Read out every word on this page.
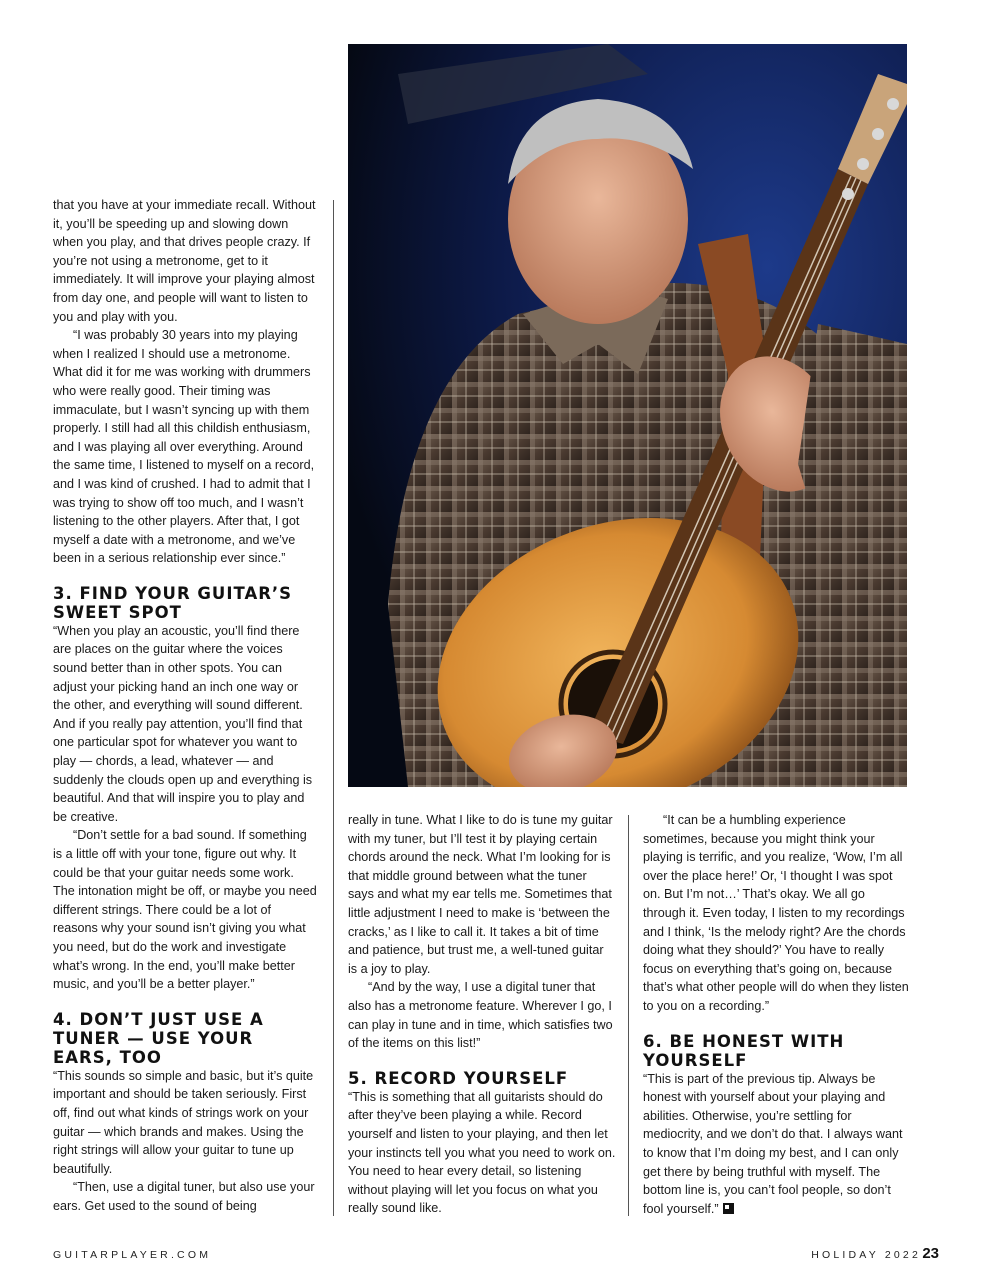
that you have at your immediate recall. Without it, you’ll be speeding up and slowing down when you play, and that drives people crazy. If you’re not using a metronome, get to it immediately. It will improve your playing almost from day one, and people will want to listen to you and play with you.

“I was probably 30 years into my playing when I realized I should use a metronome. What did it for me was working with drummers who were really good. Their timing was immaculate, but I wasn’t syncing up with them properly. I still had all this childish enthusiasm, and I was playing all over everything. Around the same time, I listened to myself on a record, and I was kind of crushed. I had to admit that I was trying to show off too much, and I wasn’t listening to the other players. After that, I got myself a date with a metronome, and we’ve been in a serious relationship ever since.”

3. FIND YOUR GUITAR’S SWEET SPOT

“When you play an acoustic, you’ll find there are places on the guitar where the voices sound better than in other spots. You can adjust your picking hand an inch one way or the other, and everything will sound different. And if you really pay attention, you’ll find that one particular spot for whatever you want to play — chords, a lead, whatever — and suddenly the clouds open up and everything is beautiful. And that will inspire you to play and be creative.

“Don’t settle for a bad sound. If something is a little off with your tone, figure out why. It could be that your guitar needs some work. The intonation might be off, or maybe you need different strings. There could be a lot of reasons why your sound isn’t giving you what you need, but do the work and investigate what’s wrong. In the end, you’ll make better music, and you’ll be a better player.”

4. DON’T JUST USE A TUNER — USE YOUR EARS, TOO

“This sounds so simple and basic, but it’s quite important and should be taken seriously. First off, find out what kinds of strings work on your guitar — which brands and makes. Using the right strings will allow your guitar to tune up beautifully.

“Then, use a digital tuner, but also use your ears. Get used to the sound of being

really in tune. What I like to do is tune my guitar with my tuner, but I’ll test it by playing certain chords around the neck. What I’m looking for is that middle ground between what the tuner says and what my ear tells me. Sometimes that little adjustment I need to make is ‘between the cracks,’ as I like to call it. It takes a bit of time and patience, but trust me, a well-tuned guitar is a joy to play.

“And by the way, I use a digital tuner that also has a metronome feature. Wherever I go, I can play in tune and in time, which satisfies two of the items on this list!”

5. RECORD YOURSELF

“This is something that all guitarists should do after they’ve been playing a while. Record yourself and listen to your playing, and then let your instincts tell you what you need to work on. You need to hear every detail, so listening without playing will let you focus on what you really sound like.

“It can be a humbling experience sometimes, because you might think your playing is terrific, and you realize, ‘Wow, I’m all over the place here!’ Or, ‘I thought I was spot on. But I’m not…’ That’s okay. We all go through it. Even today, I listen to my recordings and I think, ‘Is the melody right? Are the chords doing what they should?’ You have to really focus on everything that’s going on, because that’s what other people will do when they listen to you on a recording.”

6. BE HONEST WITH YOURSELF

“This is part of the previous tip. Always be honest with yourself about your playing and abilities. Otherwise, you’re settling for mediocrity, and we don’t do that. I always want to know that I’m doing my best, and I can only get there by being truthful with myself. The bottom line is, you can’t fool people, so don’t fool yourself.”

GUITARPLAYER.COM	HOLIDAY 2022 23
